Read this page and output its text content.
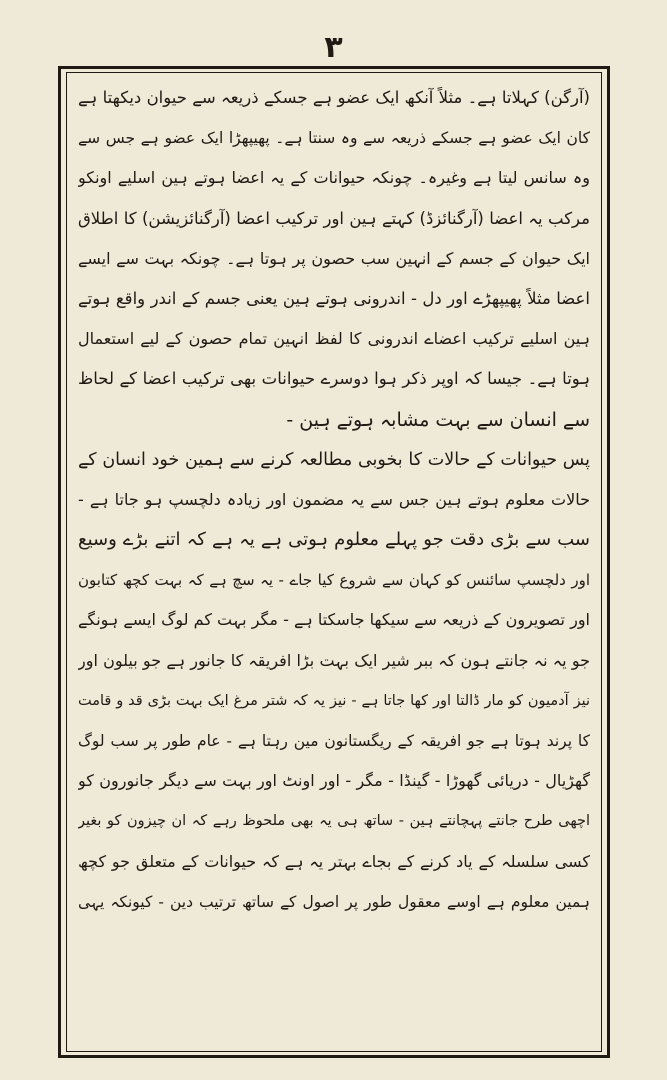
۳
(آرگن) کہلاتا ہے۔ مثلاً آنکھ ایک عضو ہے جسکے ذریعہ سے حیوان دیکھتا ہے
کان ایک عضو ہے جسکے ذریعہ سے وہ سنتا ہے۔ پھیپھڑا ایک عضو ہے جس سے
وہ سانس لیتا ہے وغیرہ۔ چونکہ حیوانات کے یہ اعضا ہوتے ہین اسلیے اونکو
مرکب یہ اعضا (آرگنائزڈ) کہتے ہین اور ترکیب اعضا (آرگنائزیشن) کا اطلاق
ایک حیوان کے جسم کے انہین سب حصون پر ہوتا ہے۔ چونکہ بہت سے ایسے
اعضا مثلاً پھیپھڑے اور دل - اندرونی ہوتے ہین یعنی جسم کے اندر واقع ہوتے
ہین اسلیے ترکیب اعضاے اندرونی کا لفظ انہین تمام حصون کے لیے استعمال
ہوتا ہے۔ جیسا کہ اوپر ذکر ہوا دوسرے حیوانات بھی ترکیب اعضا کے لحاظ
سے انسان سے بہت مشابہ ہوتے ہین -
پس حیوانات کے حالات کا بخوبی مطالعہ کرنے سے ہمین خود انسان کے
حالات معلوم ہوتے ہین جس سے یہ مضمون اور زیادہ دلچسپ ہو جاتا ہے -
سب سے بڑی دقت جو پہلے معلوم ہوتی ہے یہ ہے کہ اتنے بڑے وسیع
اور دلچسپ سائنس کو کہان سے شروع کیا جاے - یہ سچ ہے کہ بہت کچھ کتابون
اور تصویرون کے ذریعہ سے سیکھا جاسکتا ہے - مگر بہت کم لوگ ایسے ہونگے
جو یہ نہ جانتے ہون کہ ببر شیر ایک بہت بڑا افریقہ کا جانور ہے جو بیلون اور
نیز آدمیون کو مار ڈالتا اور کھا جاتا ہے - نیز یہ کہ شتر مرغ ایک بہت بڑی قد و قامت
کا پرند ہوتا ہے جو افریقہ کے ریگستانون مین رہتا ہے - عام طور پر سب لوگ
گھڑیال - دریائی گھوڑا - گینڈا - مگر - اور اونٹ اور بہت سے دیگر جانورون کو
اچھی طرح جانتے پہچانتے ہین - ساتھ ہی یہ بھی ملحوظ رہے کہ ان چیزون کو بغیر
کسی سلسلہ کے یاد کرنے کے بجاے بہتر یہ ہے کہ حیوانات کے متعلق جو کچھ
ہمین معلوم ہے اوسے معقول طور پر اصول کے ساتھ ترتیب دین - کیونکہ یہی
